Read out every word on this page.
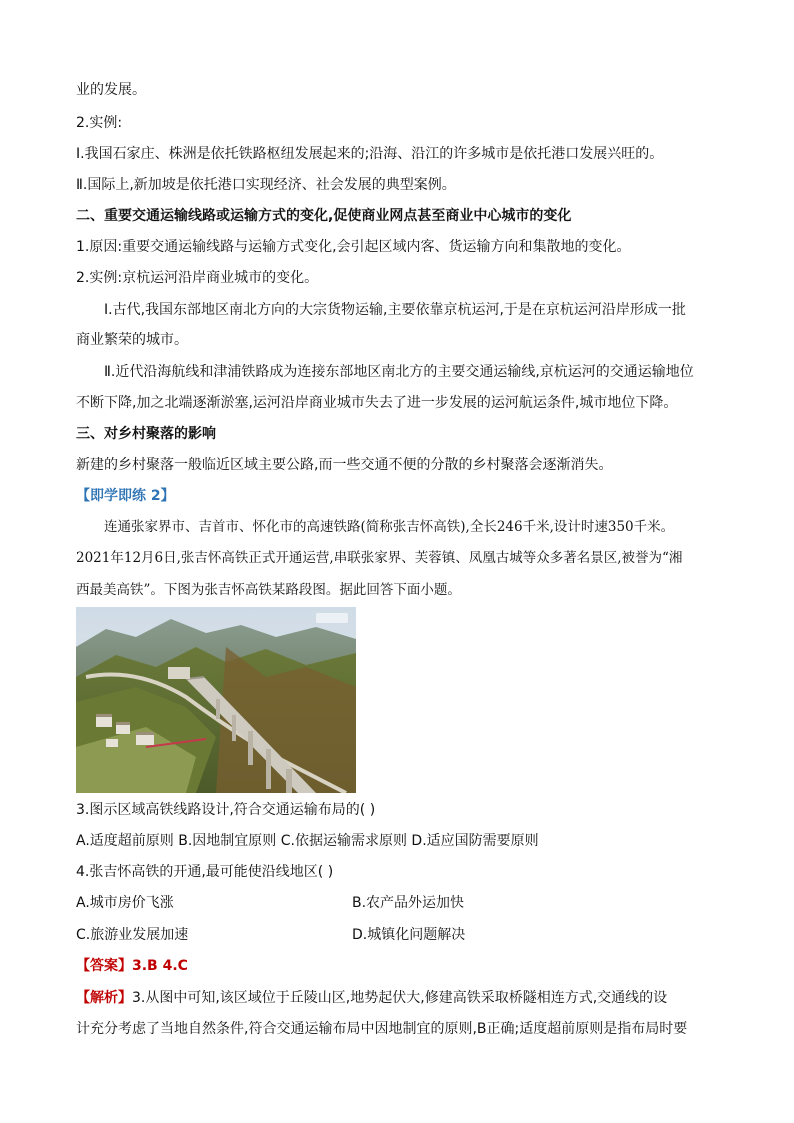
业的发展。
2.实例:
Ⅰ.我国石家庄、株洲是依托铁路枢纽发展起来的;沿海、沿江的许多城市是依托港口发展兴旺的。
Ⅱ.国际上,新加坡是依托港口实现经济、社会发展的典型案例。
二、重要交通运输线路或运输方式的变化,促使商业网点甚至商业中心城市的变化
1.原因:重要交通运输线路与运输方式变化,会引起区域内客、货运输方向和集散地的变化。
2.实例:京杭运河沿岸商业城市的变化。
Ⅰ.古代,我国东部地区南北方向的大宗货物运输,主要依靠京杭运河,于是在京杭运河沿岸形成一批
商业繁荣的城市。
Ⅱ.近代沿海航线和津浦铁路成为连接东部地区南北方的主要交通运输线,京杭运河的交通运输地位
不断下降,加之北端逐渐淤塞,运河沿岸商业城市失去了进一步发展的运河航运条件,城市地位下降。
三、对乡村聚落的影响
新建的乡村聚落一般临近区域主要公路,而一些交通不便的分散的乡村聚落会逐渐消失。
【即学即练 2】
连通张家界市、吉首市、怀化市的高速铁路(简称张吉怀高铁),全长246千米,设计时速350千米。
2021年12月6日,张吉怀高铁正式开通运营,串联张家界、芙蓉镇、凤凰古城等众多著名景区,被誉为“湘
西最美高铁”。下图为张吉怀高铁某路段图。据此回答下面小题。
3.图示区域高铁线路设计,符合交通运输布局的( )
A.适度超前原则 B.因地制宜原则 C.依据运输需求原则 D.适应国防需要原则
4.张吉怀高铁的开通,最可能使沿线地区( )
A.城市房价飞涨	B.农产品外运加快
C.旅游业发展加速	D.城镇化问题解决
【答案】3.B 4.C
【解析】3.从图中可知,该区域位于丘陵山区,地势起伏大,修建高铁采取桥隧相连方式,交通线的设
计充分考虑了当地自然条件,符合交通运输布局中因地制宜的原则,B正确;适度超前原则是指布局时要
